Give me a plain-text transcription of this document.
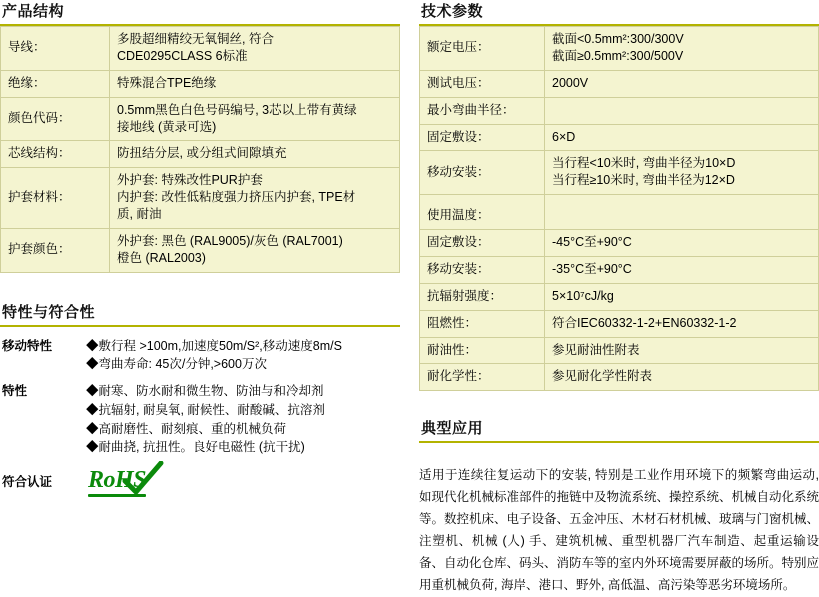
产品结构
导线：	多股超细精绞无氧铜丝, 符合
CDE0295CLASS 6标准

绝缘：	特殊混合TPE绝缘
颜色代码：	0.5mm黑色白色号码编号, 3芯以上带有黄绿
接地线 (黄录可选)

芯线结构：	防扭结分层, 或分组式间隙填充
护套材料：	外护套: 特殊改性PUR护套
内护套: 改性低粘度强力挤压内护套, TPE材
质, 耐油

护套颜色：	外护套: 黑色 (RAL9005)/灰色 (RAL7001)
橙色 (RAL2003)
特性与符合性
移动特性	◆敷行程 >100m,加速度50m/S²,移动速度8m/S
◆弯曲寿命: 45次/分钟,>600万次

特性	◆耐寒、防水耐和微生物、防油与和冷却剂
◆抗辐射, 耐臭氧, 耐候性、耐酸碱、抗溶剂
◆高耐磨性、耐刻痕、重的机械负荷
◆耐曲挠, 抗扭性。良好电磁性 (抗干扰)

符合认证	RoHS
技术参数
额定电压：	截面<0.5mm²:300/300V
截面≥0.5mm²:300/500V

测试电压：	2000V
最小弯曲半径：	
固定敷设：	6×D
移动安装：	当行程<10米时, 弯曲半径为10×D
当行程≥10米时, 弯曲半径为12×D

使用温度：	
固定敷设：	-45°C至+90°C
移动安装：	-35°C至+90°C
抗辐射强度：	5×10⁷cJ/kg
阻燃性：	符合IEC60332-1-2+EN60332-1-2
耐油性：	参见耐油性附表
耐化学性：	参见耐化学性附表
典型应用
适用于连续往复运动下的安装, 特别是工业作用环境下的频繁弯曲运动, 如现代化机械标准部件的拖链中及物流系统、操控系统、机械自动化系统等。数控机床、电子设备、五金冲压、木材石材机械、玻璃与门窗机械、注塑机、机械 (人) 手、建筑机械、重型机器厂汽车制造、起重运输设备、自动化仓库、码头、消防车等的室内外环境需要屏蔽的场所。特别应用重机械负荷, 海岸、港口、野外, 高低温、高污染等恶劣环境场所。
